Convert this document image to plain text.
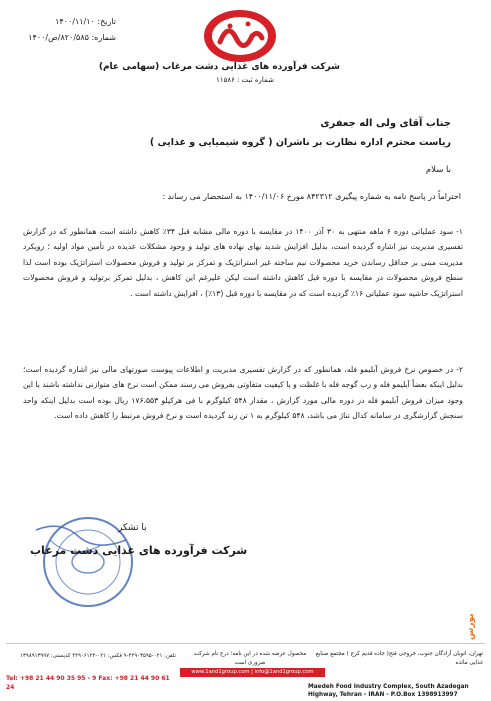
شرکت فرآورده های غذایی دشت مرغاب (سهامی عام)
شماره ثبت : ۱۱۵۸۶
تاریخ: ۱۴۰۰/۱۱/۱۰
شماره: ۸۲۰/۵۸۵/ص/۱۴۰۰
جناب آقای ولی اله جعفری
ریاست محترم اداره نظارت بر ناشران ( گروه شیمیایی و غذایی )
با سلام
احتراماً در پاسخ نامه به شماره پیگیری ۸۴۲۳۱۲ مورخ ۱۴۰۰/۱۱/۰۶ به استحضار می رساند :
۱- سود عملیاتی دوره ۶ ماهه منتهی به ۳۰ آذر ۱۴۰۰ در مقایسه با دوره مالی مشابه قبل ۳۴٪ کاهش داشته است همانطور که در گزارش تفسیری مدیریت نیز اشاره گردیده است، بدلیل افزایش شدید بهای نهاده های تولید و وجود مشکلات عدیده در تأمین مواد اولیه ؛ رویکرد مدیریت مبنی بر حداقل رساندن خرید محصولات نیم ساخته غیر استراتژیک و تمرکز بر تولید و فروش محصولات استراتژیک بوده است لذا سطح فروش محصولات در مقایسه با دوره قبل کاهش داشته است لیکن علیرغم این کاهش ، بدلیل تمرکز برتولید و فروش محصولات استراتژیک حاشیه سود عملیاتی ۱۶٪ گردیده است که در مقایسه با دوره قبل (۱۳٪) ، افزایش داشته است .
۲- در خصوص نرخ فروش آبلیمو فله، همانطور که در گزارش تفسیری مدیریت و اطلاعات پیوست صورتهای مالی نیز اشاره گردیده است؛ بدلیل اینکه بعضاً آبلیمو فله و رب گوجه فله با غلظت و یا کیفیت متفاوتی بفروش می رسند ممکن است نرخ های متوازنی نداشته باشند با این وجود میزان فروش آبلیمو فله در دوره مالی مورد گزارش ، مقدار ۵۴۸ کیلوگرم با فی هرکیلو ۱۷۶،۵۵۳ ریال بوده است بدلیل اینکه واحد سنجش گزارشگری در سامانه کدال تناژ می باشد، ۵۴۸ کیلوگرم به ۱ تن رند گردیده است و نرخ فروش مرتبط را کاهش داده است.
با تشکر
شرکت فرآورده های غذایی دشت مرغاب
تهران، اتوبان آزادگان جنوب، خروجی فتح( جاده قدیم کرج ) مجتمع صنایع غذایی مائده
Maedeh Food Industry Complex, South Azadegan Highway, Tehran - IRAN - P.O.Box 1398913997
محصول عرضه شده در این نامه؛ درج نام شرکت ضروری است
www.1and1group.com | info@1and1group.com
تلفن: ۰۲۱-۴۴۹۰۳۵۹۵-۹ فکس: ۰۲۱-۴۴۹۰۶۱۲۴ کدپستی: ۱۳۹۸۹۱۳۹۹۷
Tel: +98 21 44 90 35 95 - 9 Fax: +98 21 44 90 61 24
بورس
